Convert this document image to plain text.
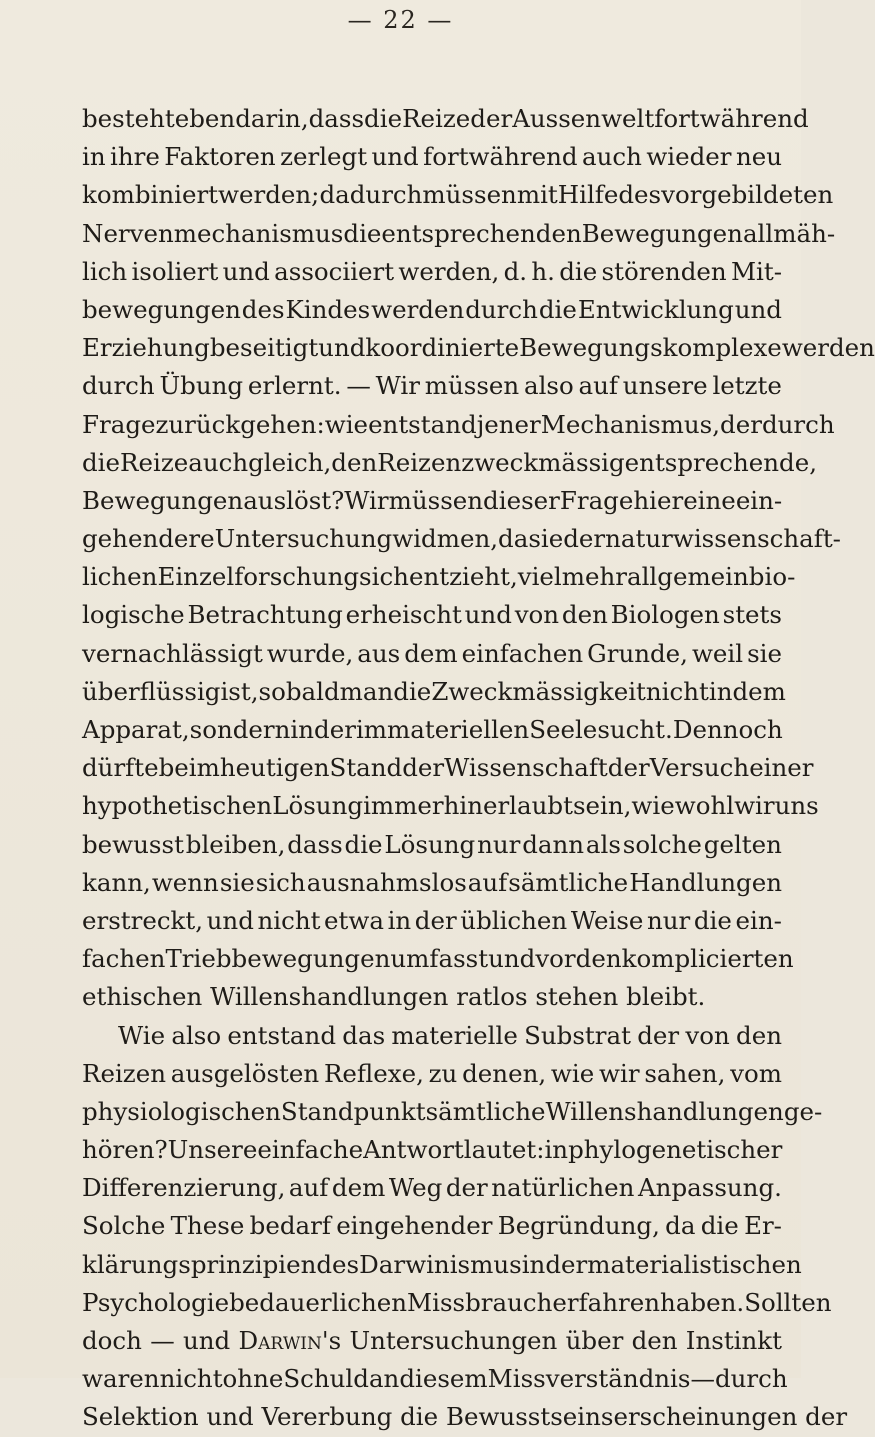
— 22 —
besteht eben darin, dass die Reize der Aussenwelt fortwährend
in ihre Faktoren zerlegt und fortwährend auch wieder neu
kombiniert werden; dadurch müssen mit Hilfe des vorgebildeten
Nervenmechanismus die entsprechenden Bewegungen allmäh-
lich isoliert und associiert werden, d. h. die störenden Mit-
bewegungen des Kindes werden durch die Entwicklung und
Erziehung beseitigt und koordinierte Bewegungskomplexe werden
durch Übung erlernt. — Wir müssen also auf unsere letzte
Frage zurückgehen: wie entstand jener Mechanismus, der durch
die Reize auch gleich, den Reizen zweckmässig entsprechende,
Bewegungen auslöst? Wir müssen dieser Frage hier eine ein-
gehendere Untersuchung widmen, da sie der naturwissenschaft-
lichen Einzelforschung sich entzieht, vielmehr allgemein bio-
logische Betrachtung erheischt und von den Biologen stets
vernachlässigt wurde, aus dem einfachen Grunde, weil sie
überflüssig ist, sobald man die Zweckmässigkeit nicht in dem
Apparat, sondern in der immateriellen Seele sucht. Dennoch
dürfte beim heutigen Stand der Wissenschaft der Versuch einer
hypothetischen Lösung immerhin erlaubt sein, wiewohl wir uns
bewusst bleiben, dass die Lösung nur dann als solche gelten
kann, wenn sie sich ausnahmslos auf sämtliche Handlungen
erstreckt, und nicht etwa in der üblichen Weise nur die ein-
fachen Triebbewegungen umfasst und vor den komplicierten
ethischen
Willenshandlungen
ratlos
stehen
bleibt.
Wie also entstand das materielle Substrat der von den
Reizen ausgelösten Reflexe, zu denen, wie wir sahen, vom
physiologischen Standpunkt sämtliche Willenshandlungen ge-
hören? Unsere einfache Antwort lautet: in phylogenetischer
Differenzierung, auf dem Weg der natürlichen Anpassung.
Solche These bedarf eingehender Begründung, da die Er-
klärungsprinzipien des Darwinismus in der materialistischen
Psychologie bedauerlichen Missbrauch erfahren haben. Sollten
doch — und Darwin's Untersuchungen über den Instinkt
waren nicht ohne Schuld an diesem Missverständnis — durch
Selektion
und
Vererbung
die
Bewusstseinserscheinungen
der
